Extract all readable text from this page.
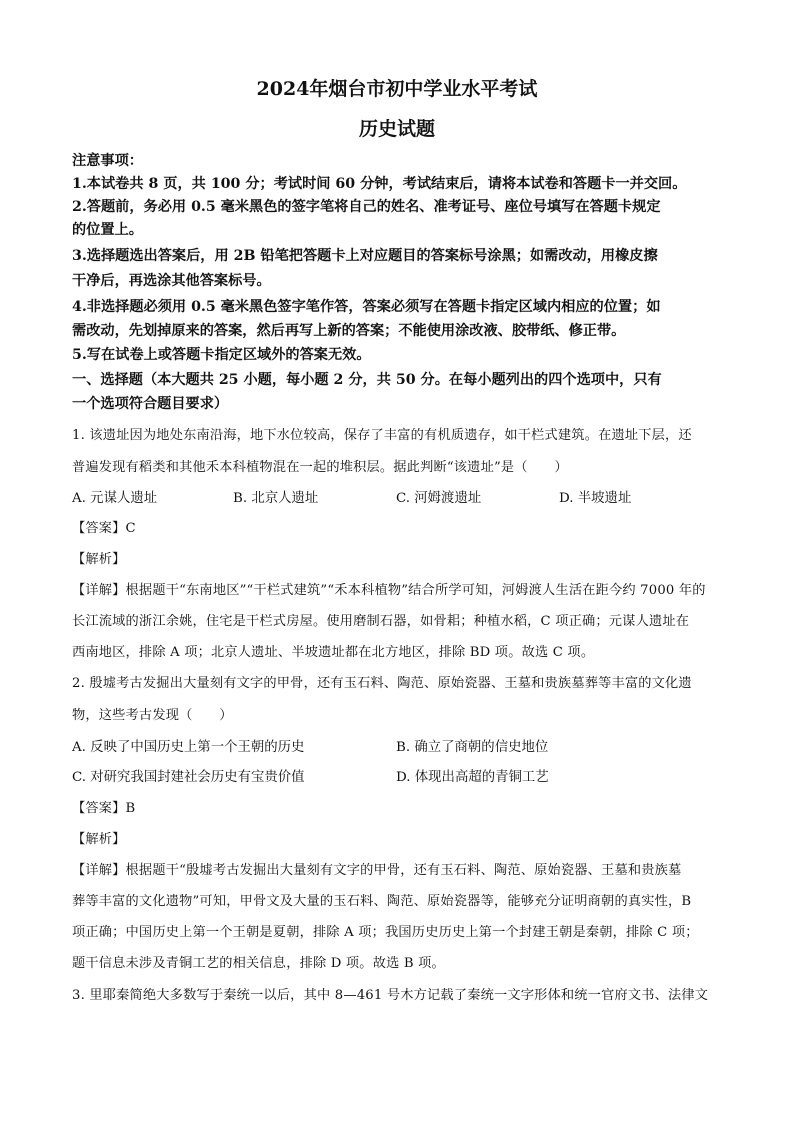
2024年烟台市初中学业水平考试
历史试题
注意事项：
1.本试卷共 8 页，共 100 分；考试时间 60 分钟，考试结束后，请将本试卷和答题卡一并交回。
2.答题前，务必用 0.5 毫米黑色的签字笔将自己的姓名、准考证号、座位号填写在答题卡规定
的位置上。
3.选择题选出答案后，用 2B 铅笔把答题卡上对应题目的答案标号涂黑；如需改动，用橡皮擦
干净后，再选涂其他答案标号。
4.非选择题必须用 0.5 毫米黑色签字笔作答，答案必须写在答题卡指定区域内相应的位置；如
需改动，先划掉原来的答案，然后再写上新的答案；不能使用涂改液、胶带纸、修正带。
5.写在试卷上或答题卡指定区域外的答案无效。
一、选择题（本大题共 25 小题，每小题 2 分，共 50 分。在每小题列出的四个选项中，只有
一个选项符合题目要求）
1. 该遗址因为地处东南沿海，地下水位较高，保存了丰富的有机质遗存，如干栏式建筑。在遗址下层，还
普遍发现有稻类和其他禾本科植物混在一起的堆积层。据此判断“该遗址”是（　　）
A. 元谋人遗址	B. 北京人遗址	C. 河姆渡遗址	D. 半坡遗址
【答案】C
【解析】
【详解】根据题干“东南地区”“干栏式建筑”“禾本科植物”结合所学可知，河姆渡人生活在距今约 7000 年的
长江流域的浙江余姚，住宅是干栏式房屋。使用磨制石器，如骨耜；种植水稻，C 项正确；元谋人遗址在
西南地区，排除 A 项；北京人遗址、半坡遗址都在北方地区，排除 BD 项。故选 C 项。
2. 殷墟考古发掘出大量刻有文字的甲骨，还有玉石料、陶范、原始瓷器、王墓和贵族墓葬等丰富的文化遗
物，这些考古发现（　　）
A. 反映了中国历史上第一个王朝的历史	B. 确立了商朝的信史地位
C. 对研究我国封建社会历史有宝贵价值	D. 体现出高超的青铜工艺
【答案】B
【解析】
【详解】根据题干“殷墟考古发掘出大量刻有文字的甲骨，还有玉石料、陶范、原始瓷器、王墓和贵族墓
葬等丰富的文化遗物”可知，甲骨文及大量的玉石料、陶范、原始瓷器等，能够充分证明商朝的真实性，B
项正确；中国历史上第一个王朝是夏朝，排除 A 项；我国历史历史上第一个封建王朝是秦朝，排除 C 项；
题干信息未涉及青铜工艺的相关信息，排除 D 项。故选 B 项。
3. 里耶秦简绝大多数写于秦统一以后，其中 8—461 号木方记载了秦统一文字形体和统一官府文书、法律文
